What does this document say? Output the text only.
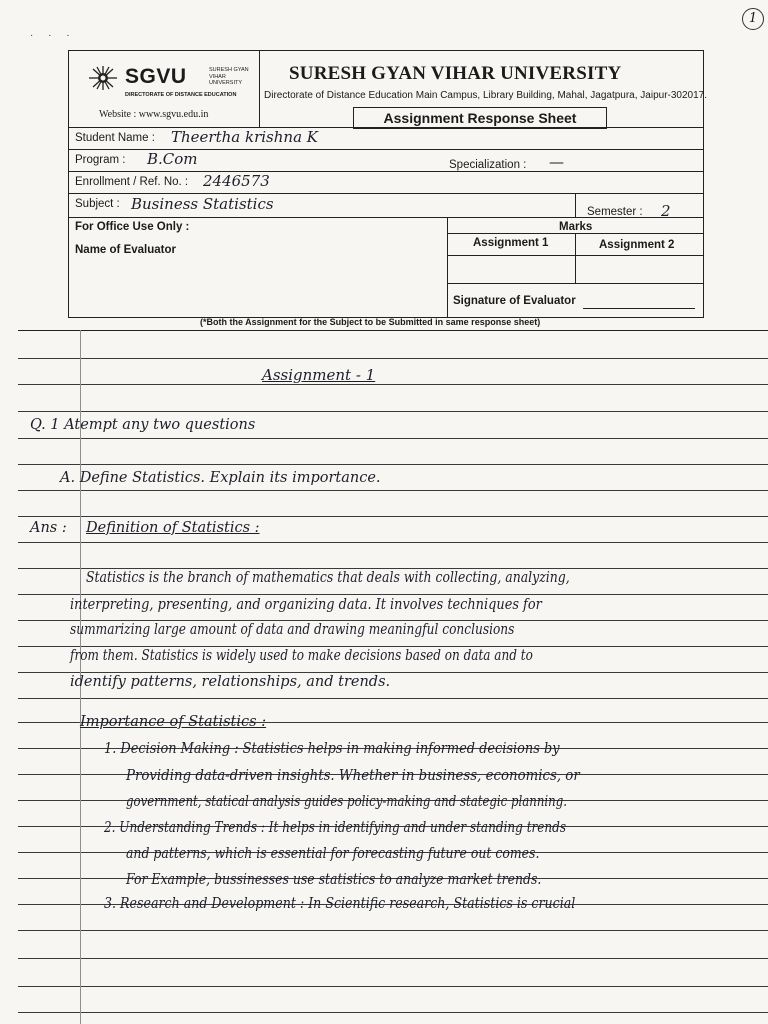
1
· · ·
SGVU	SURESH GYAN VIHAR UNIVERSITY
DIRECTORATE OF DISTANCE EDUCATION
Website : www.sgvu.edu.in
SURESH GYAN VIHAR UNIVERSITY
Directorate of Distance Education Main Campus, Library Building, Mahal, Jagatpura, Jaipur-302017.
Assignment Response Sheet
Student Name : Theertha krishna K
Program : B.Com	Specialization : —
Enrollment / Ref. No. : 2446573
Subject : Business Statistics	Semester : 2
For Office Use Only :	Marks
Assignment 1	Assignment 2
Name of Evaluator
Signature of Evaluator
(*Both the Assignment for the Subject to be Submitted in same response sheet)
Assignment - 1
Q. 1 Atempt any two questions
A. Define Statistics. Explain its importance.
Ans : Definition of Statistics :
Statistics is the branch of mathematics that deals with collecting, analyzing,
interpreting, presenting, and organizing data. It involves techniques for
summarizing large amount of data and drawing meaningful conclusions
from them. Statistics is widely used to make decisions based on data and to
identify patterns, relationships, and trends.
Importance of Statistics :
1. Decision Making : Statistics helps in making informed decisions by
Providing data-driven insights. Whether in business, economics, or
government, statical analysis guides policy-making and stategic planning.
2. Understanding Trends : It helps in identifying and under standing trends
and patterns, which is essential for forecasting future out comes.
For Example, bussinesses use statistics to analyze market trends.
3. Research and Development : In Scientific research, Statistics is crucial
